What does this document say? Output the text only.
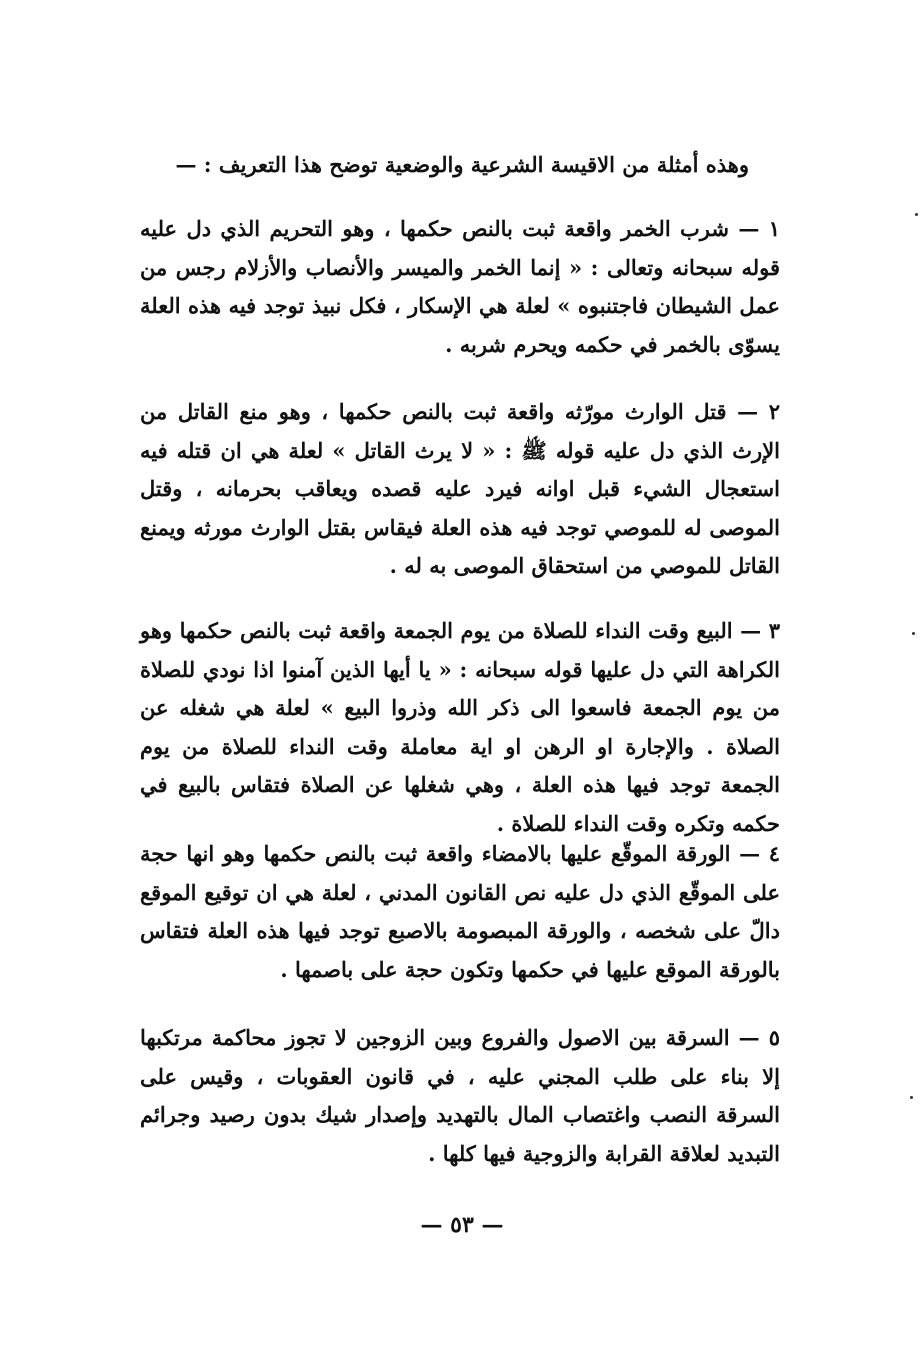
وهذه أمثلة من الاقيسة الشرعية والوضعية توضح هذا التعريف : —

١ — شرب الخمر واقعة ثبت بالنص حكمها ، وهو التحريم الذي دل عليه قوله سبحانه وتعالى : « إنما الخمر والميسر والأنصاب والأزلام رجس من عمل الشيطان فاجتنبوه » لعلة هي الإسكار ، فكل نبيذ توجد فيه هذه العلة يسوّى بالخمر في حكمه ويحرم شربه .

٢ — قتل الوارث مورّثه واقعة ثبت بالنص حكمها ، وهو منع القاتل من الإرث الذي دل عليه قوله ﷺ : « لا يرث القاتل » لعلة هي ان قتله فيه استعجال الشيء قبل اوانه فيرد عليه قصده ويعاقب بحرمانه ، وقتل الموصى له للموصي توجد فيه هذه العلة فيقاس بقتل الوارث مورثه ويمنع القاتل للموصي من استحقاق الموصى به له .

٣ — البيع وقت النداء للصلاة من يوم الجمعة واقعة ثبت بالنص حكمها وهو الكراهة التي دل عليها قوله سبحانه : « يا أيها الذين آمنوا اذا نودي للصلاة من يوم الجمعة فاسعوا الى ذكر الله وذروا البيع » لعلة هي شغله عن الصلاة . والإجارة او الرهن او اية معاملة وقت النداء للصلاة من يوم الجمعة توجد فيها هذه العلة ، وهي شغلها عن الصلاة فتقاس بالبيع في حكمه وتكره وقت النداء للصلاة .

٤ — الورقة الموقّع عليها بالامضاء واقعة ثبت بالنص حكمها وهو انها حجة على الموقّع الذي دل عليه نص القانون المدني ، لعلة هي ان توقيع الموقع دالّ على شخصه ، والورقة المبصومة بالاصبع توجد فيها هذه العلة فتقاس بالورقة الموقع عليها في حكمها وتكون حجة على باصمها .

٥ — السرقة بين الاصول والفروع وبين الزوجين لا تجوز محاكمة مرتكبها إلا بناء على طلب المجني عليه ، في قانون العقوبات ، وقيس على السرقة النصب واغتصاب المال بالتهديد وإصدار شيك بدون رصيد وجرائم التبديد لعلاقة القرابة والزوجية فيها كلها .

— ٥٣ —
